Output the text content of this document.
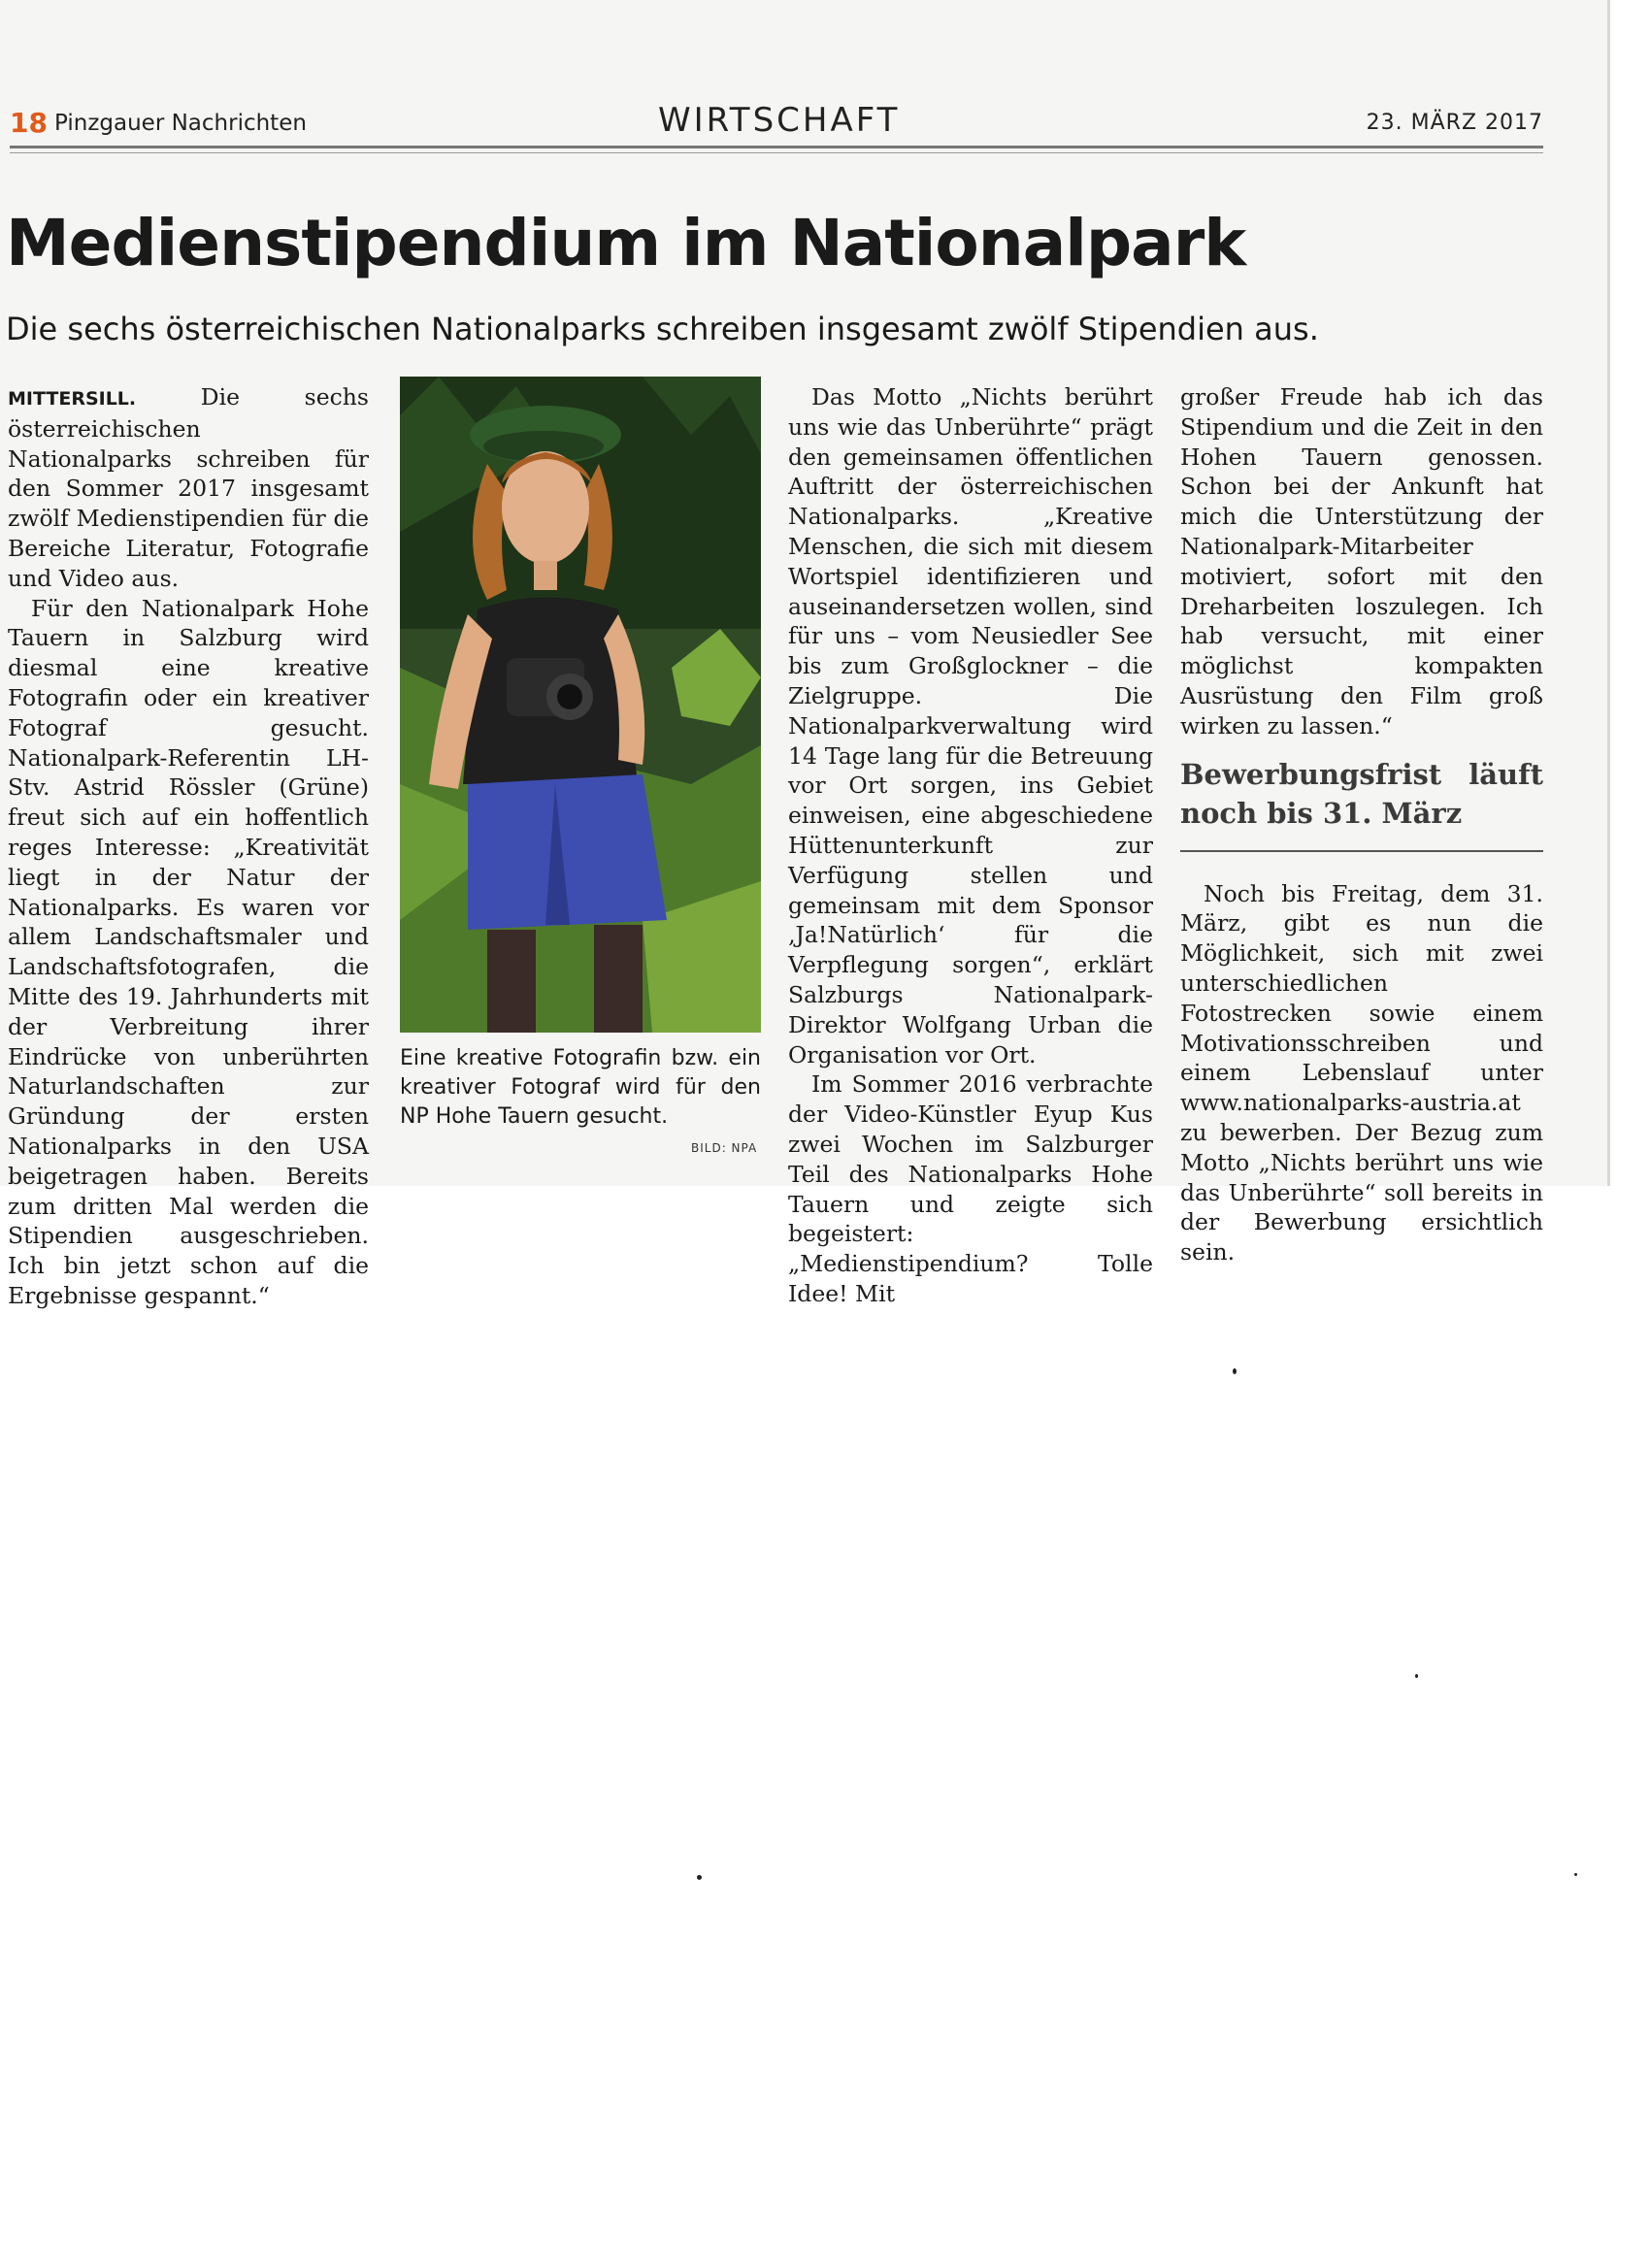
18 Pinzgauer Nachrichten	WIRTSCHAFT	23. MÄRZ 2017
Medienstipendium im Nationalpark
Die sechs österreichischen Nationalparks schreiben insgesamt zwölf Stipendien aus.

MITTERSILL.	Die sechs österreichischen Nationalparks schreiben für den Sommer 2017 insgesamt zwölf Medienstipendien für die Bereiche Literatur, Fotografie und Video aus.

Für den Nationalpark Hohe Tauern in Salzburg wird diesmal eine kreative Fotografin oder ein kreativer Fotograf gesucht. Nationalpark-Referentin LH-Stv. Astrid Rössler (Grüne) freut sich auf ein hoffentlich reges Interesse: „Kreativität liegt in der Natur der Nationalparks. Es waren vor allem Landschaftsmaler und Landschaftsfotografen, die Mitte des 19. Jahrhunderts mit der Verbreitung ihrer Eindrücke von unberührten Naturlandschaften zur Gründung der ersten Nationalparks in den USA beigetragen haben. Bereits zum dritten Mal werden die Stipendien ausgeschrieben. Ich bin jetzt schon auf die Ergebnisse gespannt.“

Eine kreative Fotografin bzw. ein kreativer Fotograf wird für den NP Hohe Tauern gesucht.
BILD: NPA

Das Motto „Nichts berührt uns wie das Unberührte“ prägt den gemeinsamen öffentlichen Auftritt der österreichischen Nationalparks. „Kreative Menschen, die sich mit diesem Wortspiel identifizieren und auseinandersetzen wollen, sind für uns – vom Neusiedler See bis zum Großglockner – die Zielgruppe. Die Nationalparkverwaltung wird 14 Tage lang für die Betreuung vor Ort sorgen, ins Gebiet einweisen, eine abgeschiedene Hüttenunterkunft zur Verfügung stellen und gemeinsam mit dem Sponsor ‚Ja!Natürlich‘ für die Verpflegung sorgen“, erklärt Salzburgs Nationalpark-Direktor Wolfgang Urban die Organisation vor Ort.

Im Sommer 2016 verbrachte der Video-Künstler Eyup Kus zwei Wochen im Salzburger Teil des Nationalparks Hohe Tauern und zeigte sich begeistert: „Medienstipendium? Tolle Idee! Mit

großer Freude hab ich das Stipendium und die Zeit in den Hohen Tauern genossen. Schon bei der Ankunft hat mich die Unterstützung der Nationalpark-Mitarbeiter motiviert, sofort mit den Dreharbeiten loszulegen. Ich hab versucht, mit einer möglichst kompakten Ausrüstung den Film groß wirken zu lassen.“

Bewerbungsfrist läuft noch bis 31. März

Noch bis Freitag, dem 31. März, gibt es nun die Möglichkeit, sich mit zwei unterschiedlichen Fotostrecken sowie einem Motivationsschreiben und einem Lebenslauf unter www.nationalparks-austria.at zu bewerben. Der Bezug zum Motto „Nichts berührt uns wie das Unberührte“ soll bereits in der Bewerbung ersichtlich sein.
